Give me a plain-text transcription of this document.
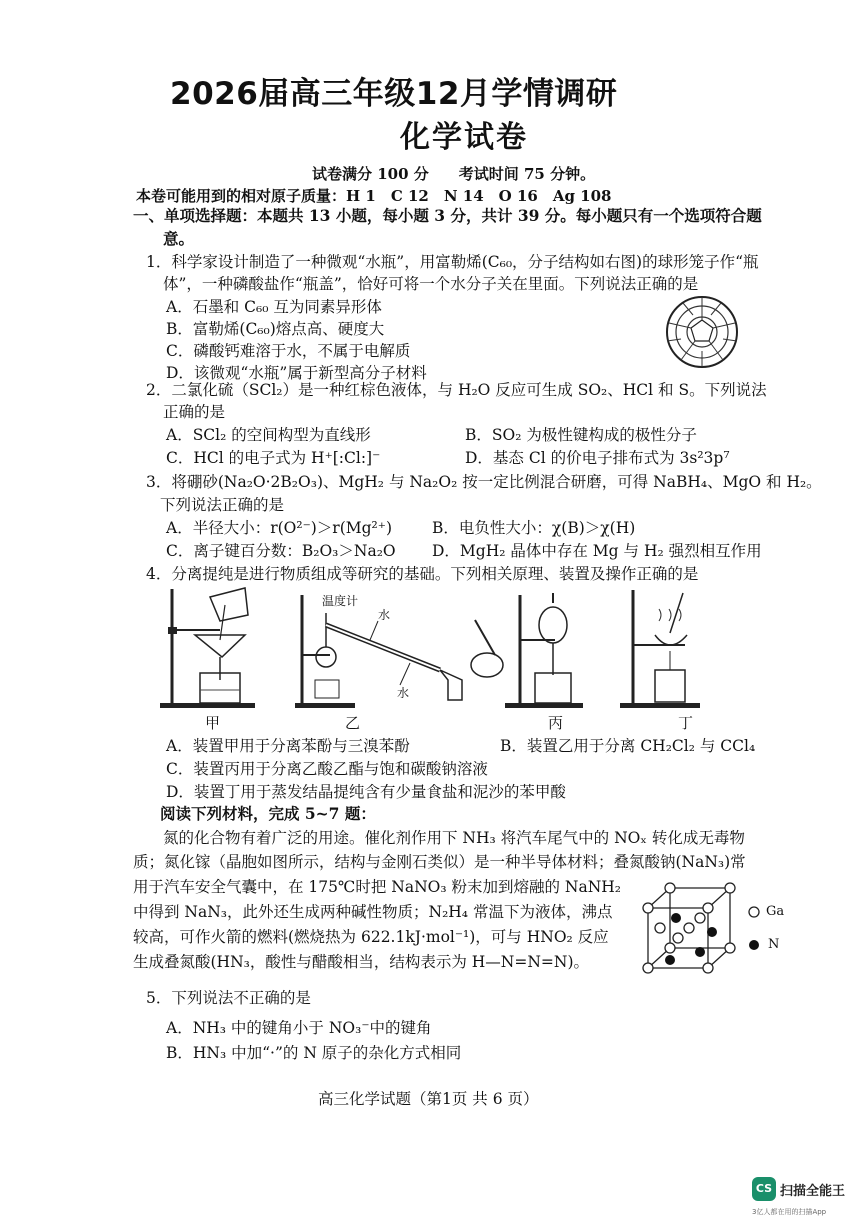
2026届高三年级12月学情调研
化学试卷
试卷满分 100 分　　考试时间 75 分钟。
本卷可能用到的相对原子质量：H 1　C 12　N 14　O 16　Ag 108
一、单项选择题：本题共 13 小题，每小题 3 分，共计 39 分。每小题只有一个选项符合题
意。
1．科学家设计制造了一种微观“水瓶”，用富勒烯(C₆₀，分子结构如右图)的球形笼子作“瓶
体”，一种磷酸盐作“瓶盖”，恰好可将一个水分子关在里面。下列说法正确的是
A．石墨和 C₆₀ 互为同素异形体
B．富勒烯(C₆₀)熔点高、硬度大
C．磷酸钙难溶于水，不属于电解质
D．该微观“水瓶”属于新型高分子材料
2．二氯化硫（SCl₂）是一种红棕色液体，与 H₂O 反应可生成 SO₂、HCl 和 S。下列说法
正确的是
A．SCl₂ 的空间构型为直线形	B．SO₂ 为极性键构成的极性分子
C．HCl 的电子式为 H⁺[:Cl:]⁻	D．基态 Cl 的价电子排布式为 3s²3p⁷
3．将硼砂(Na₂O·2B₂O₃)、MgH₂ 与 Na₂O₂ 按一定比例混合研磨，可得 NaBH₄、MgO 和 H₂。
下列说法正确的是
A．半径大小：r(O²⁻)＞r(Mg²⁺)	B．电负性大小：χ(B)＞χ(H)
C．离子键百分数：B₂O₃＞Na₂O D．MgH₂ 晶体中存在 Mg 与 H₂ 强烈相互作用
4．分离提纯是进行物质组成等研究的基础。下列相关原理、装置及操作正确的是
甲
温度计
水
水
乙	丙	丁
A．装置甲用于分离苯酚与三溴苯酚	B．装置乙用于分离 CH₂Cl₂ 与 CCl₄
C．装置丙用于分离乙酸乙酯与饱和碳酸钠溶液
D．装置丁用于蒸发结晶提纯含有少量食盐和泥沙的苯甲酸
阅读下列材料，完成 5~7 题：
氮的化合物有着广泛的用途。催化剂作用下 NH₃ 将汽车尾气中的 NOₓ 转化成无毒物
质；氮化镓（晶胞如图所示，结构与金刚石类似）是一种半导体材料；叠氮酸钠(NaN₃)常
用于汽车安全气囊中，在 175℃时把 NaNO₃ 粉末加到熔融的 NaNH₂
中得到 NaN₃，此外还生成两种碱性物质；N₂H₄ 常温下为液体，沸点
较高，可作火箭的燃料(燃烧热为 622.1kJ·mol⁻¹)，可与 HNO₂ 反应
生成叠氮酸(HN₃，酸性与醋酸相当，结构表示为 H—N=N=N)。
Ga
N
5．下列说法不正确的是
A．NH₃ 中的键角小于 NO₃⁻中的键角
B．HN₃ 中加“·”的 N 原子的杂化方式相同
高三化学试题（第1页 共 6 页）
CS 扫描全能王
3亿人都在用的扫描App
